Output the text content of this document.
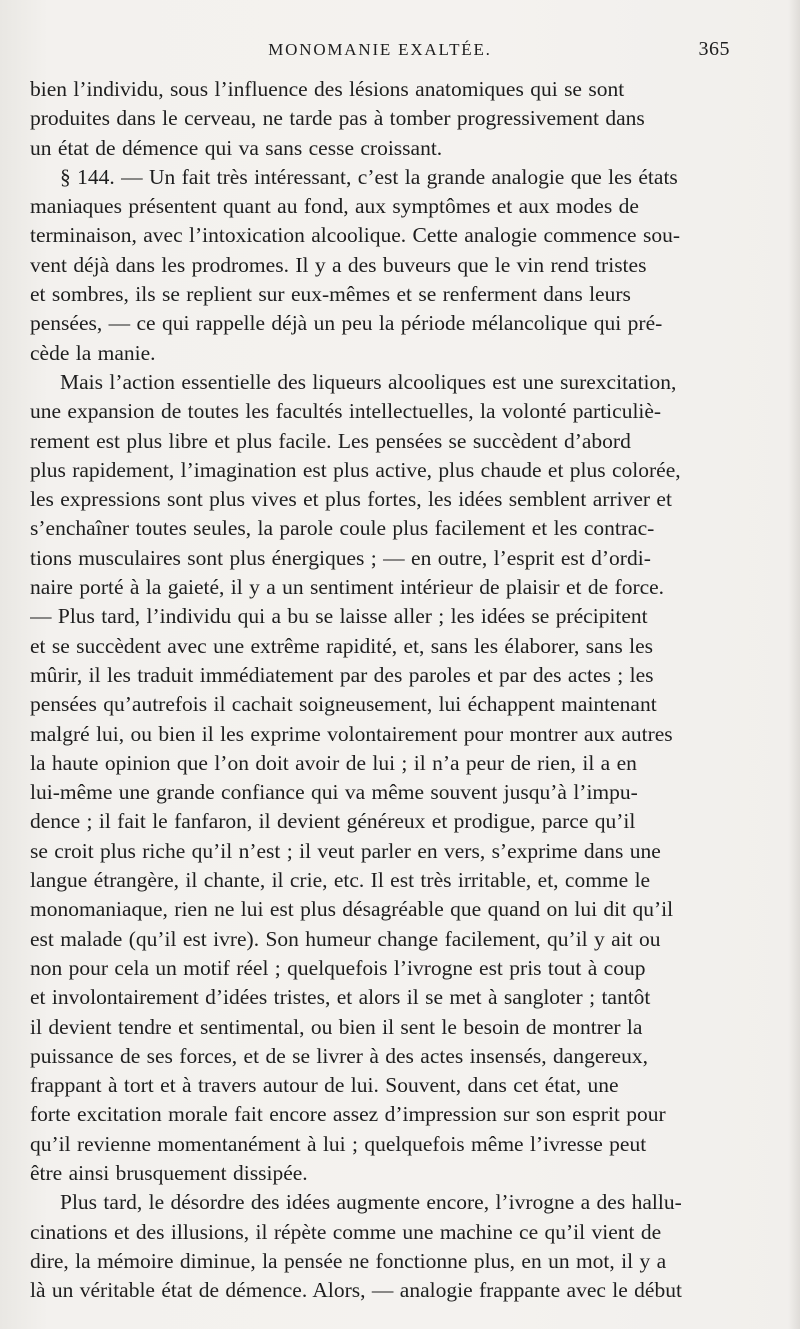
MONOMANIE EXALTÉE.	365
bien l’individu, sous l’influence des lésions anatomiques qui se sont
produites dans le cerveau, ne tarde pas à tomber progressivement dans
un état de démence qui va sans cesse croissant.
§ 144. — Un fait très intéressant, c’est la grande analogie que les états
maniaques présentent quant au fond, aux symptômes et aux modes de
terminaison, avec l’intoxication alcoolique. Cette analogie commence sou-
vent déjà dans les prodromes. Il y a des buveurs que le vin rend tristes
et sombres, ils se replient sur eux-mêmes et se renferment dans leurs
pensées, — ce qui rappelle déjà un peu la période mélancolique qui pré-
cède la manie.
Mais l’action essentielle des liqueurs alcooliques est une surexcitation,
une expansion de toutes les facultés intellectuelles, la volonté particuliè-
rement est plus libre et plus facile. Les pensées se succèdent d’abord
plus rapidement, l’imagination est plus active, plus chaude et plus colorée,
les expressions sont plus vives et plus fortes, les idées semblent arriver et
s’enchaîner toutes seules, la parole coule plus facilement et les contrac-
tions musculaires sont plus énergiques ; — en outre, l’esprit est d’ordi-
naire porté à la gaieté, il y a un sentiment intérieur de plaisir et de force.
— Plus tard, l’individu qui a bu se laisse aller ; les idées se précipitent
et se succèdent avec une extrême rapidité, et, sans les élaborer, sans les
mûrir, il les traduit immédiatement par des paroles et par des actes ; les
pensées qu’autrefois il cachait soigneusement, lui échappent maintenant
malgré lui, ou bien il les exprime volontairement pour montrer aux autres
la haute opinion que l’on doit avoir de lui ; il n’a peur de rien, il a en
lui-même une grande confiance qui va même souvent jusqu’à l’impu-
dence ; il fait le fanfaron, il devient généreux et prodigue, parce qu’il
se croit plus riche qu’il n’est ; il veut parler en vers, s’exprime dans une
langue étrangère, il chante, il crie, etc. Il est très irritable, et, comme le
monomaniaque, rien ne lui est plus désagréable que quand on lui dit qu’il
est malade (qu’il est ivre). Son humeur change facilement, qu’il y ait ou
non pour cela un motif réel ; quelquefois l’ivrogne est pris tout à coup
et involontairement d’idées tristes, et alors il se met à sangloter ; tantôt
il devient tendre et sentimental, ou bien il sent le besoin de montrer la
puissance de ses forces, et de se livrer à des actes insensés, dangereux,
frappant à tort et à travers autour de lui. Souvent, dans cet état, une
forte excitation morale fait encore assez d’impression sur son esprit pour
qu’il revienne momentanément à lui ; quelquefois même l’ivresse peut
être ainsi brusquement dissipée.
Plus tard, le désordre des idées augmente encore, l’ivrogne a des hallu-
cinations et des illusions, il répète comme une machine ce qu’il vient de
dire, la mémoire diminue, la pensée ne fonctionne plus, en un mot, il y a
là un véritable état de démence. Alors, — analogie frappante avec le début
